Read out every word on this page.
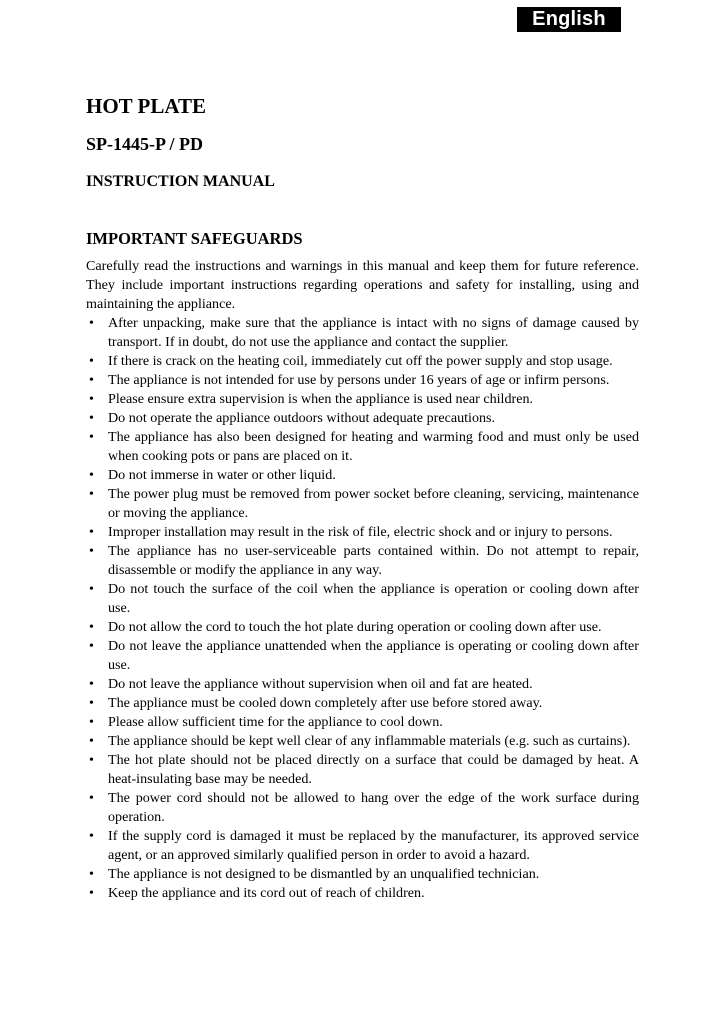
English
HOT PLATE
SP-1445-P / PD
INSTRUCTION MANUAL
IMPORTANT SAFEGUARDS

Carefully read the instructions and warnings in this manual and keep them for future reference. They include important instructions regarding operations and safety for installing, using and maintaining the appliance.

• After unpacking, make sure that the appliance is intact with no signs of damage caused by transport. If in doubt, do not use the appliance and contact the supplier.
• If there is crack on the heating coil, immediately cut off the power supply and stop usage.
• The appliance is not intended for use by persons under 16 years of age or infirm persons.
• Please ensure extra supervision is when the appliance is used near children.
• Do not operate the appliance outdoors without adequate precautions.
• The appliance has also been designed for heating and warming food and must only be used when cooking pots or pans are placed on it.
• Do not immerse in water or other liquid.
• The power plug must be removed from power socket before cleaning, servicing, maintenance or moving the appliance.
• Improper installation may result in the risk of file, electric shock and or injury to persons.
• The appliance has no user-serviceable parts contained within. Do not attempt to repair, disassemble or modify the appliance in any way.
• Do not touch the surface of the coil when the appliance is operation or cooling down after use.
• Do not allow the cord to touch the hot plate during operation or cooling down after use.
• Do not leave the appliance unattended when the appliance is operating or cooling down after use.
• Do not leave the appliance without supervision when oil and fat are heated.
• The appliance must be cooled down completely after use before stored away.
• Please allow sufficient time for the appliance to cool down.
• The appliance should be kept well clear of any inflammable materials (e.g. such as curtains).
• The hot plate should not be placed directly on a surface that could be damaged by heat. A heat-insulating base may be needed.
• The power cord should not be allowed to hang over the edge of the work surface during operation.
• If the supply cord is damaged it must be replaced by the manufacturer, its approved service agent, or an approved similarly qualified person in order to avoid a hazard.
• The appliance is not designed to be dismantled by an unqualified technician.
• Keep the appliance and its cord out of reach of children.
